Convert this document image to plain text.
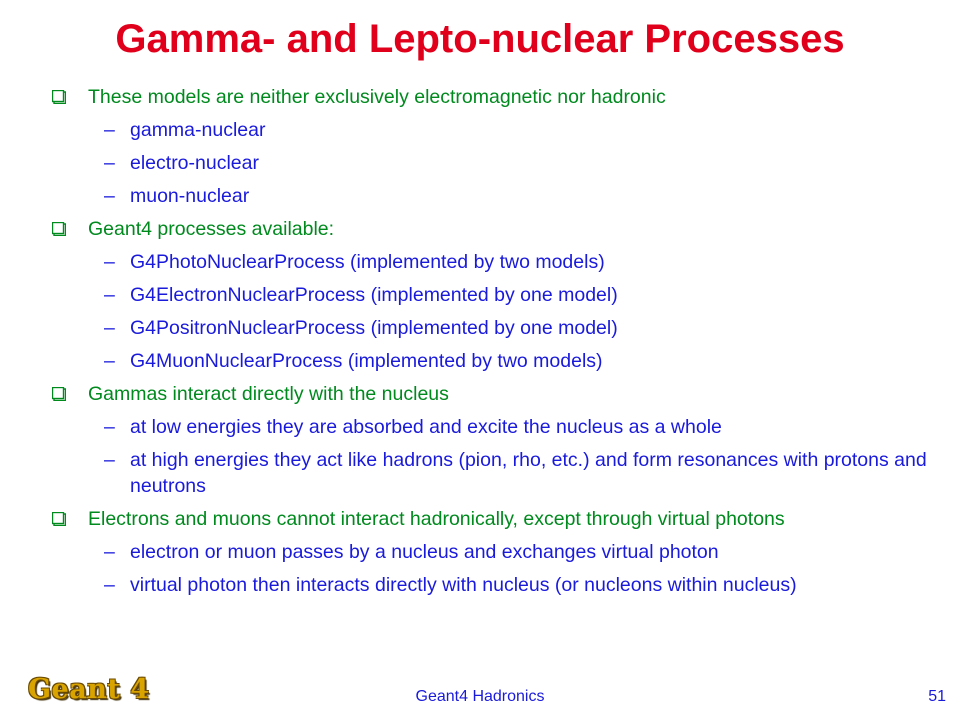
Gamma- and Lepto-nuclear Processes
These models are neither exclusively electromagnetic nor hadronic
– gamma-nuclear
– electro-nuclear
– muon-nuclear
Geant4 processes available:
– G4PhotoNuclearProcess (implemented by two models)
– G4ElectronNuclearProcess (implemented by one model)
– G4PositronNuclearProcess (implemented by one model)
– G4MuonNuclearProcess (implemented by two models)
Gammas interact directly with the nucleus
– at low energies they are absorbed and excite the nucleus as a whole
– at high energies they act like hadrons (pion, rho, etc.) and form resonances with protons and neutrons
Electrons and muons cannot interact hadronically, except through virtual photons
– electron or muon passes by a nucleus and exchanges virtual photon
– virtual photon then interacts directly with nucleus (or nucleons within nucleus)
Geant 4	Geant4 Hadronics	51
